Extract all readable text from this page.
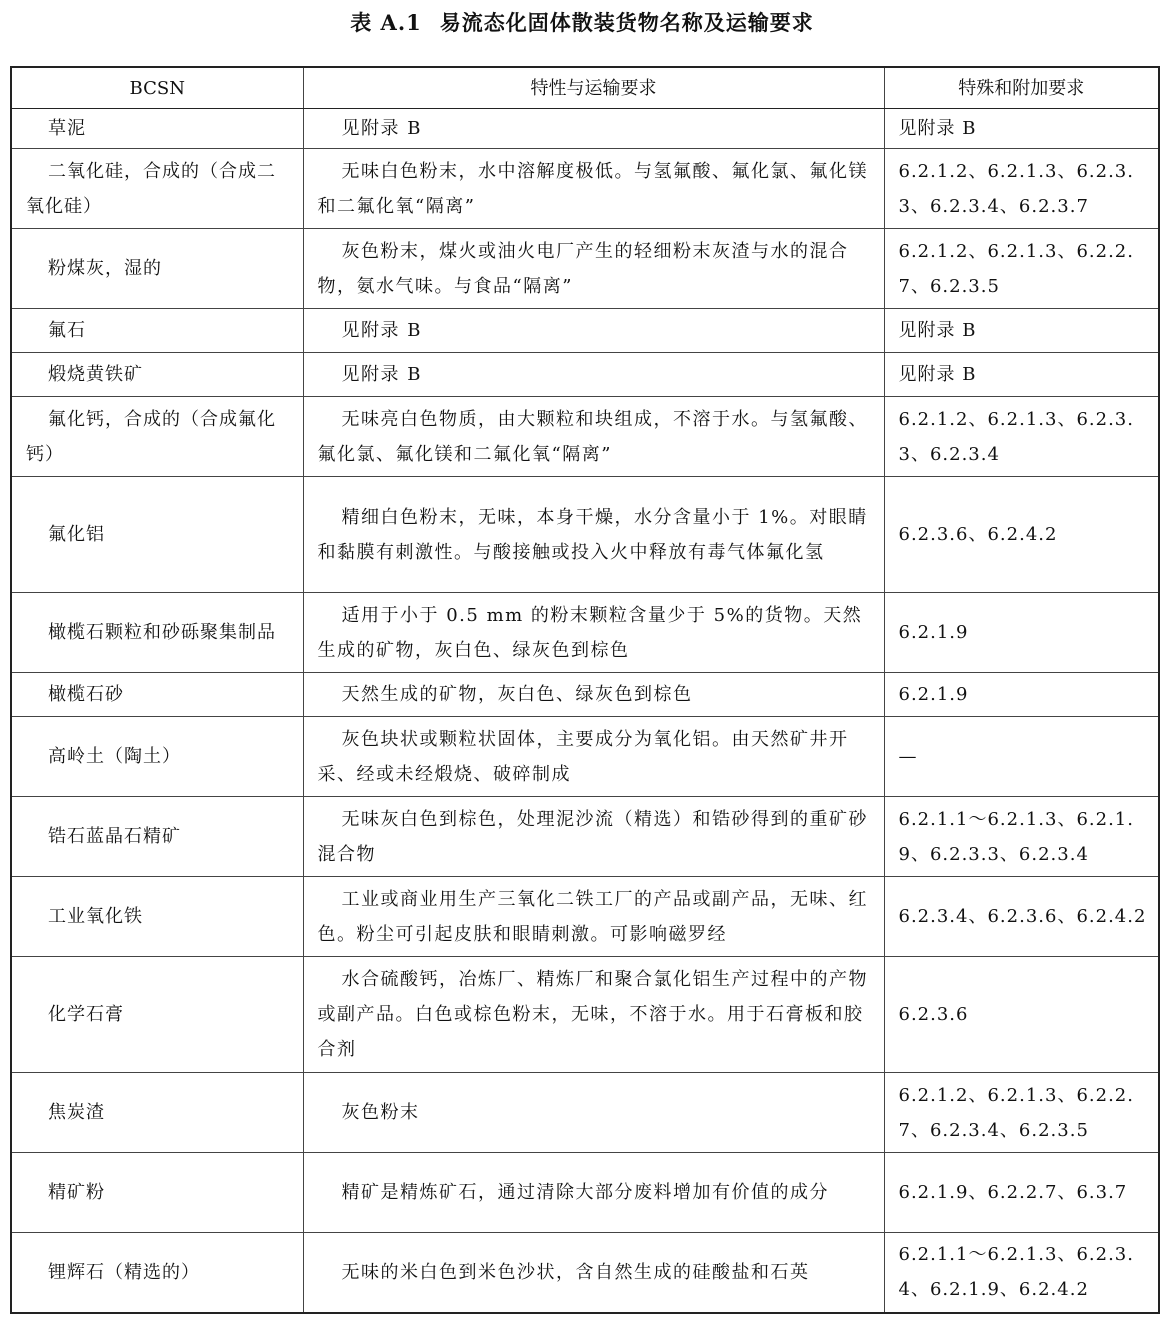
表 A.1 易流态化固体散装货物名称及运输要求
BCSN	特性与运输要求	特殊和附加要求
草泥	见附录 B	见附录 B
二氧化硅，合成的（合成二氧化硅）	无味白色粉末，水中溶解度极低。与氢氟酸、氟化氯、氟化镁和二氟化氧“隔离”	6.2.1.2、6.2.1.3、6.2.3.3、6.2.3.4、6.2.3.7
粉煤灰，湿的	灰色粉末，煤火或油火电厂产生的轻细粉末灰渣与水的混合物，氨水气味。与食品“隔离”	6.2.1.2、6.2.1.3、6.2.2.7、6.2.3.5
氟石	见附录 B	见附录 B
煅烧黄铁矿	见附录 B	见附录 B
氟化钙，合成的（合成氟化钙）	无味亮白色物质，由大颗粒和块组成，不溶于水。与氢氟酸、氟化氯、氟化镁和二氟化氧“隔离”	6.2.1.2、6.2.1.3、6.2.3.3、6.2.3.4
氟化铝	精细白色粉末，无味，本身干燥，水分含量小于 1%。对眼睛和黏膜有刺激性。与酸接触或投入火中释放有毒气体氟化氢	6.2.3.6、6.2.4.2
橄榄石颗粒和砂砾聚集制品	适用于小于 0.5 mm 的粉末颗粒含量少于 5%的货物。天然生成的矿物，灰白色、绿灰色到棕色	6.2.1.9
橄榄石砂	天然生成的矿物，灰白色、绿灰色到棕色	6.2.1.9
高岭土（陶土）	灰色块状或颗粒状固体，主要成分为氧化铝。由天然矿井开采、经或未经煅烧、破碎制成	—
锆石蓝晶石精矿	无味灰白色到棕色，处理泥沙流（精选）和锆砂得到的重矿砂混合物	6.2.1.1～6.2.1.3、6.2.1.9、6.2.3.3、6.2.3.4
工业氧化铁	工业或商业用生产三氧化二铁工厂的产品或副产品，无味、红色。粉尘可引起皮肤和眼睛刺激。可影响磁罗经	6.2.3.4、6.2.3.6、6.2.4.2
化学石膏	水合硫酸钙，冶炼厂、精炼厂和聚合氯化铝生产过程中的产物或副产品。白色或棕色粉末，无味，不溶于水。用于石膏板和胶合剂	6.2.3.6
焦炭渣	灰色粉末	6.2.1.2、6.2.1.3、6.2.2.7、6.2.3.4、6.2.3.5
精矿粉	精矿是精炼矿石，通过清除大部分废料增加有价值的成分	6.2.1.9、6.2.2.7、6.3.7
锂辉石（精选的）	无味的米白色到米色沙状，含自然生成的硅酸盐和石英	6.2.1.1～6.2.1.3、6.2.3.4、6.2.1.9、6.2.4.2
